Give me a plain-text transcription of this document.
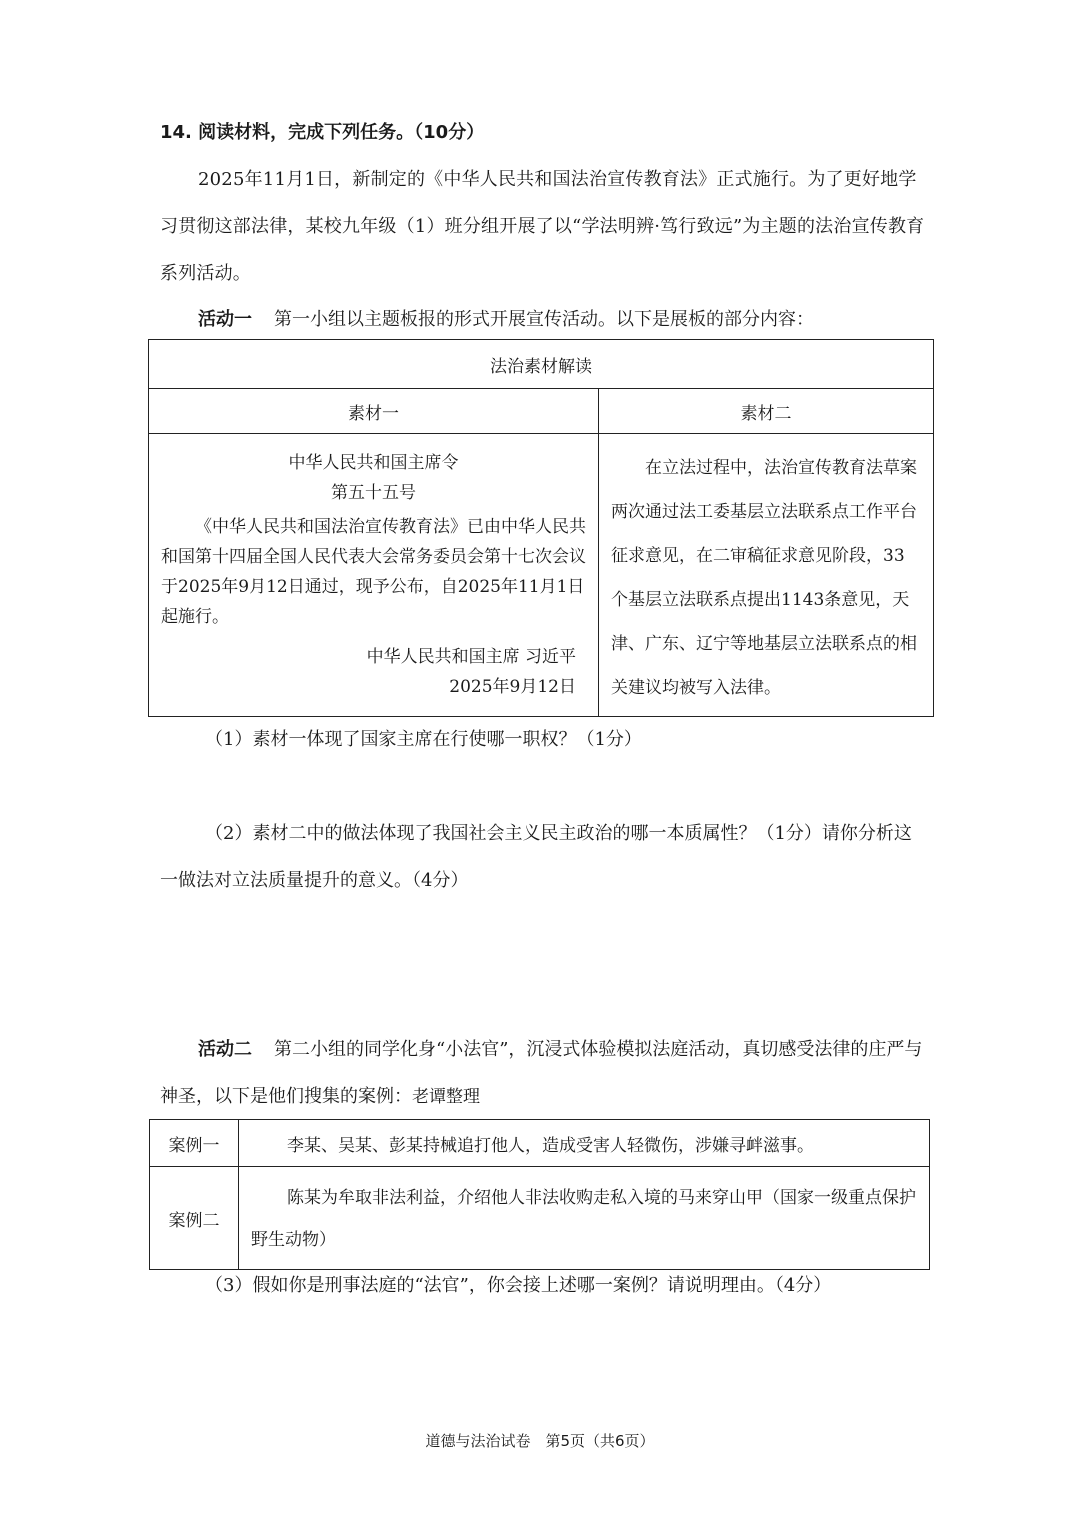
14. 阅读材料，完成下列任务。（10分）
2025年11月1日，新制定的《中华人民共和国法治宣传教育法》正式施行。为了更好地学习贯彻这部法律，某校九年级（1）班分组开展了以“学法明辨·笃行致远”为主题的法治宣传教育系列活动。
活动一 第一小组以主题板报的形式开展宣传活动。以下是展板的部分内容：
法治素材解读	
素材一	素材二

中华人民共和国主席令
第五十五号
《中华人民共和国法治宣传教育法》已由中华人民共和国第十四届全国人民代表大会常务委员会第十七次会议于2025年9月12日通过，现予公布，自2025年11月1日起施行。
中华人民共和国主席 习近平
2025年9月12日	在立法过程中，法治宣传教育法草案两次通过法工委基层立法联系点工作平台征求意见，在二审稿征求意见阶段，33个基层立法联系点提出1143条意见，天津、广东、辽宁等地基层立法联系点的相关建议均被写入法律。
（1）素材一体现了国家主席在行使哪一职权？（1分）
（2）素材二中的做法体现了我国社会主义民主政治的哪一本质属性？（1分）请你分析这一做法对立法质量提升的意义。（4分）
活动二 第二小组的同学化身“小法官”，沉浸式体验模拟法庭活动，真切感受法律的庄严与神圣，以下是他们搜集的案例：老谭整理
案例一	李某、吴某、彭某持械追打他人，造成受害人轻微伤，涉嫌寻衅滋事。
案例二	陈某为牟取非法利益，介绍他人非法收购走私入境的马来穿山甲（国家一级重点保护野生动物）
（3）假如你是刑事法庭的“法官”，你会接上述哪一案例？请说明理由。（4分）
道德与法治试卷　第5页（共6页）
